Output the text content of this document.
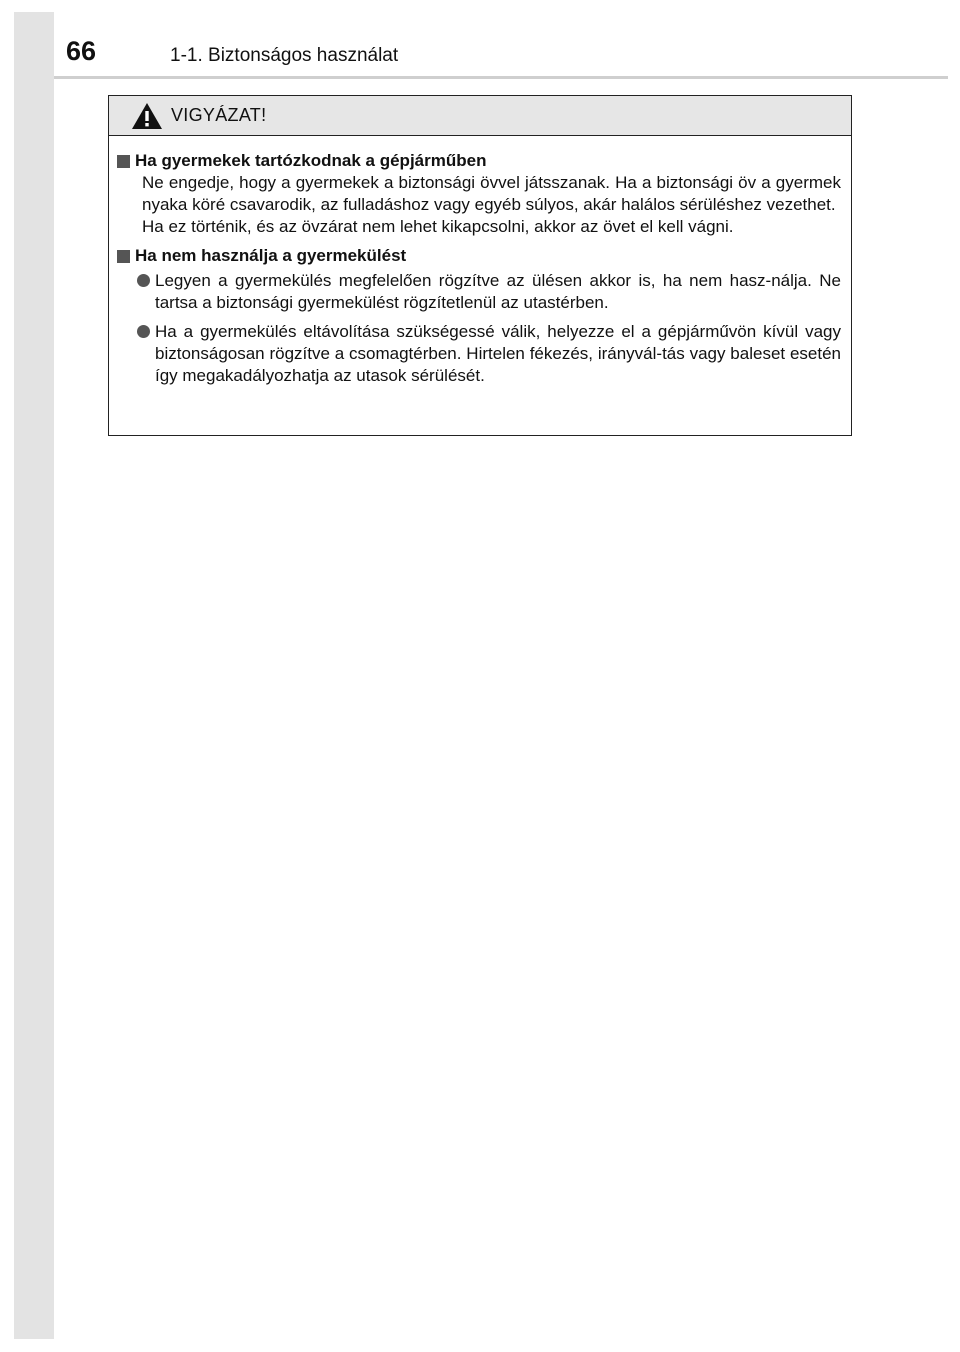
66	1-1. Biztonságos használat
VIGYÁZAT!
Ha gyermekek tartózkodnak a gépjárműben

Ne engedje, hogy a gyermekek a biztonsági övvel játsszanak. Ha a biztonsági öv a gyermek nyaka köré csavarodik, az fulladáshoz vagy egyéb súlyos, akár halálos sérüléshez vezethet.

Ha ez történik, és az övzárat nem lehet kikapcsolni, akkor az övet el kell vágni.

Ha nem használja a gyermekülést
Legyen a gyermekülés megfelelően rögzítve az ülésen akkor is, ha nem hasz-nálja. Ne tartsa a biztonsági gyermekülést rögzítetlenül az utastérben.
Ha a gyermekülés eltávolítása szükségessé válik, helyezze el a gépjárművön kívül vagy biztonságosan rögzítve a csomagtérben. Hirtelen fékezés, irányvál-tás vagy baleset esetén így megakadályozhatja az utasok sérülését.
